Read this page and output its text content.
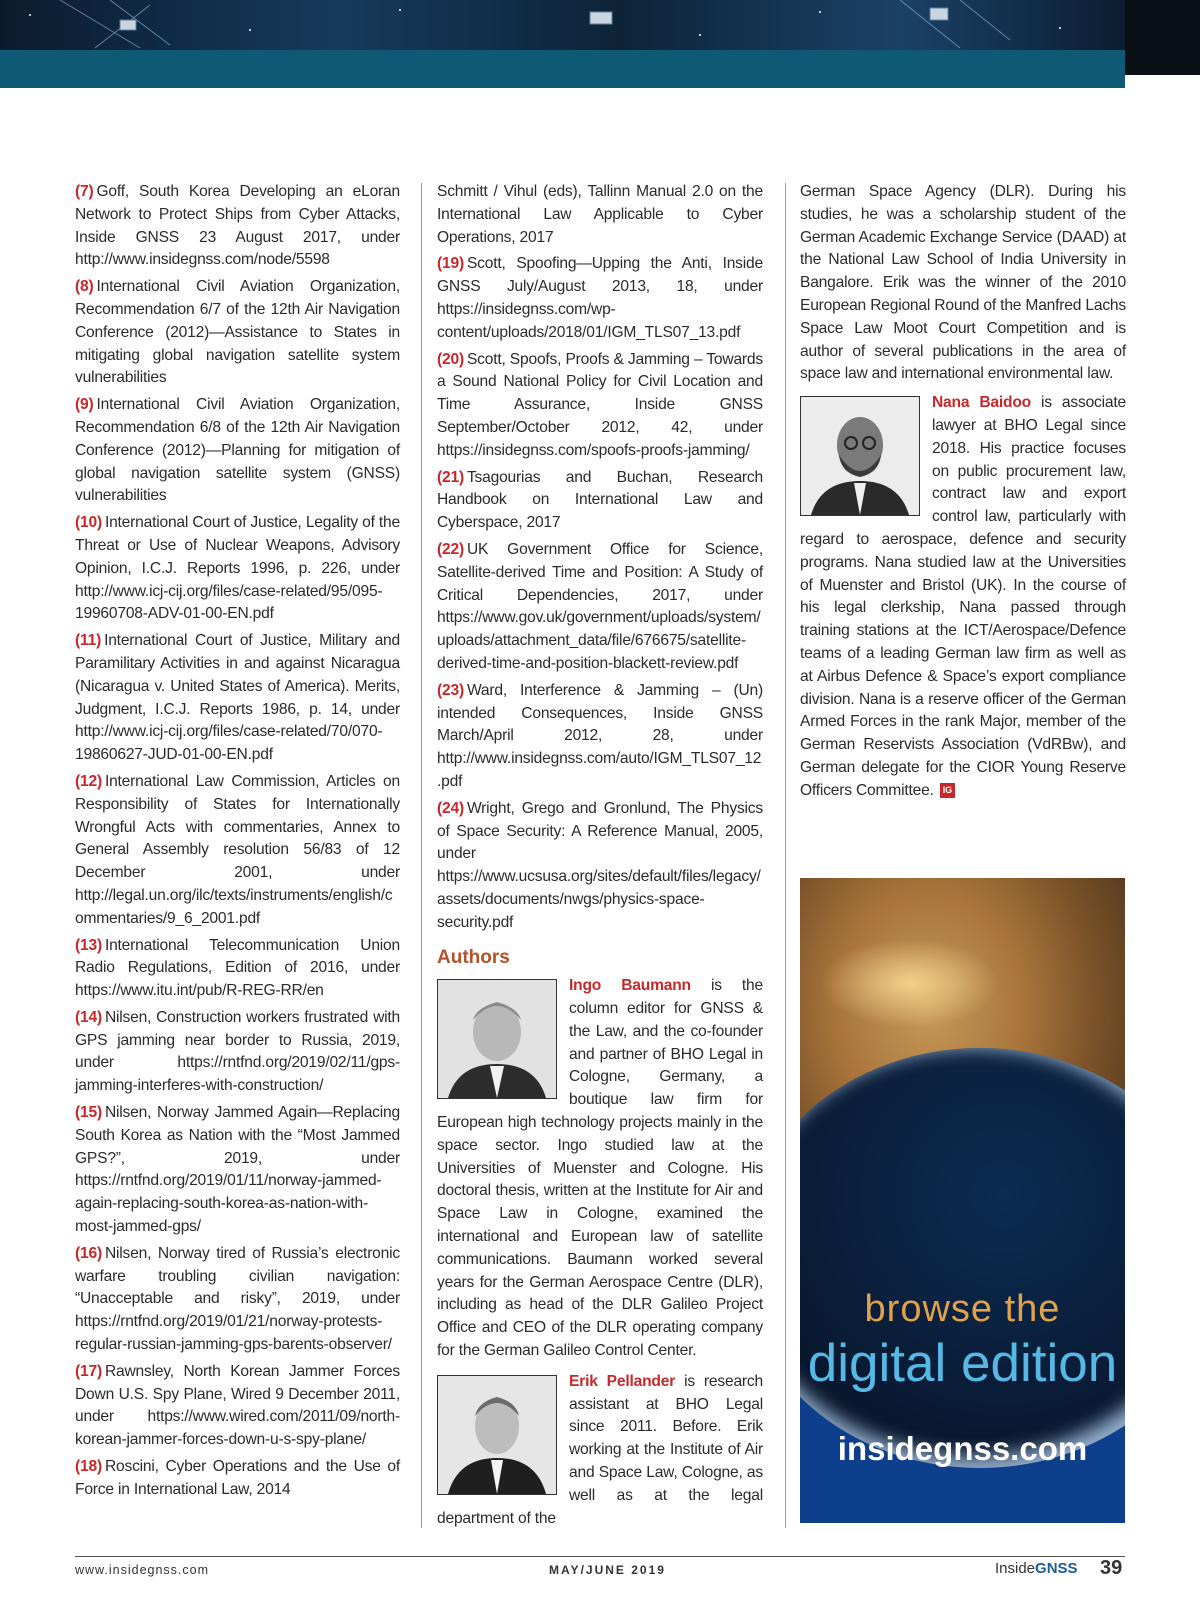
(7) Goff, South Korea Developing an eLoran Network to Protect Ships from Cyber Attacks, Inside GNSS 23 August 2017, under http://www.insidegnss.com/node/5598

(8) International Civil Aviation Organization, Recommendation 6/7 of the 12th Air Navigation Conference (2012)—Assistance to States in mitigating global navigation satellite system vulnerabilities

(9) International Civil Aviation Organization, Recommendation 6/8 of the 12th Air Navigation Conference (2012)—Planning for mitigation of global navigation satellite system (GNSS) vulnerabilities

(10) International Court of Justice, Legality of the Threat or Use of Nuclear Weapons, Advisory Opinion, I.C.J. Reports 1996, p. 226, under http://www.icj-cij.org/files/case-related/95/095-19960708-ADV-01-00-EN.pdf

(11) International Court of Justice, Military and Paramilitary Activities in and against Nicaragua (Nicaragua v. United States of America). Merits, Judgment, I.C.J. Reports 1986, p. 14, under http://www.icj-cij.org/files/case-related/70/070-19860627-JUD-01-00-EN.pdf

(12) International Law Commission, Articles on Responsibility of States for Internationally Wrongful Acts with commentaries, Annex to General Assembly resolution 56/83 of 12 December 2001, under http://legal.un.org/ilc/texts/instruments/english/commentaries/9_6_2001.pdf

(13) International Telecommunication Union Radio Regulations, Edition of 2016, under https://www.itu.int/pub/R-REG-RR/en

(14) Nilsen, Construction workers frustrated with GPS jamming near border to Russia, 2019, under https://rntfnd.org/2019/02/11/gps-jamming-interferes-with-construction/

(15) Nilsen, Norway Jammed Again—Replacing South Korea as Nation with the “Most Jammed GPS?”, 2019, under https://rntfnd.org/2019/01/11/norway-jammed-again-replacing-south-korea-as-nation-with-most-jammed-gps/

(16) Nilsen, Norway tired of Russia’s electronic warfare troubling civilian navigation: “Unacceptable and risky”, 2019, under https://rntfnd.org/2019/01/21/norway-protests-regular-russian-jamming-gps-barents-observer/

(17) Rawnsley, North Korean Jammer Forces Down U.S. Spy Plane, Wired 9 December 2011, under https://www.wired.com/2011/09/north-korean-jammer-forces-down-u-s-spy-plane/

(18) Roscini, Cyber Operations and the Use of Force in International Law, 2014

Schmitt / Vihul (eds), Tallinn Manual 2.0 on the International Law Applicable to Cyber Operations, 2017

(19) Scott, Spoofing—Upping the Anti, Inside GNSS July/August 2013, 18, under https://insidegnss.com/wp-content/uploads/2018/01/IGM_TLS07_13.pdf

(20) Scott, Spoofs, Proofs & Jamming – Towards a Sound National Policy for Civil Location and Time Assurance, Inside GNSS September/October 2012, 42, under https://insidegnss.com/spoofs-proofs-jamming/

(21) Tsagourias and Buchan, Research Handbook on International Law and Cyberspace, 2017

(22) UK Government Office for Science, Satellite-derived Time and Position: A Study of Critical Dependencies, 2017, under https://www.gov.uk/government/uploads/system/uploads/attachment_data/file/676675/satellite-derived-time-and-position-blackett-review.pdf

(23) Ward, Interference & Jamming – (Un) intended Consequences, Inside GNSS March/April 2012, 28, under http://www.insidegnss.com/auto/IGM_TLS07_12.pdf

(24) Wright, Grego and Gronlund, The Physics of Space Security: A Reference Manual, 2005, under https://www.ucsusa.org/sites/default/files/legacy/assets/documents/nwgs/physics-space-security.pdf

Authors

Ingo Baumann is the column editor for GNSS & the Law, and the co-founder and partner of BHO Legal in Cologne, Germany, a boutique law firm for European high technology projects mainly in the space sector. Ingo studied law at the Universities of Muenster and Cologne. His doctoral thesis, written at the Institute for Air and Space Law in Cologne, examined the international and European law of satellite communications. Baumann worked several years for the German Aerospace Centre (DLR), including as head of the DLR Galileo Project Office and CEO of the DLR operating company for the German Galileo Control Center.

Erik Pellander is research assistant at BHO Legal since 2011. Before. Erik working at the Institute of Air and Space Law, Cologne, as well as at the legal department of the

German Space Agency (DLR). During his studies, he was a scholarship student of the German Academic Exchange Service (DAAD) at the National Law School of India University in Bangalore. Erik was the winner of the 2010 European Regional Round of the Manfred Lachs Space Law Moot Court Competition and is author of several publications in the area of space law and international environmental law.

Nana Baidoo is associate lawyer at BHO Legal since 2018. His practice focuses on public procurement law, contract law and export control law, particularly with regard to aerospace, defence and security programs. Nana studied law at the Universities of Muenster and Bristol (UK). In the course of his legal clerkship, Nana passed through training stations at the ICT/Aerospace/Defence teams of a leading German law firm as well as at Airbus Defence & Space’s export compliance division. Nana is a reserve officer of the German Armed Forces in the rank Major, member of the German Reservists Association (VdRBw), and German delegate for the CIOR Young Reserve Officers Committee. IG

browse the
digital edition
insidegnss.com
www.insidegnss.com	MAY/JUNE 2019	InsideGNSS 39
